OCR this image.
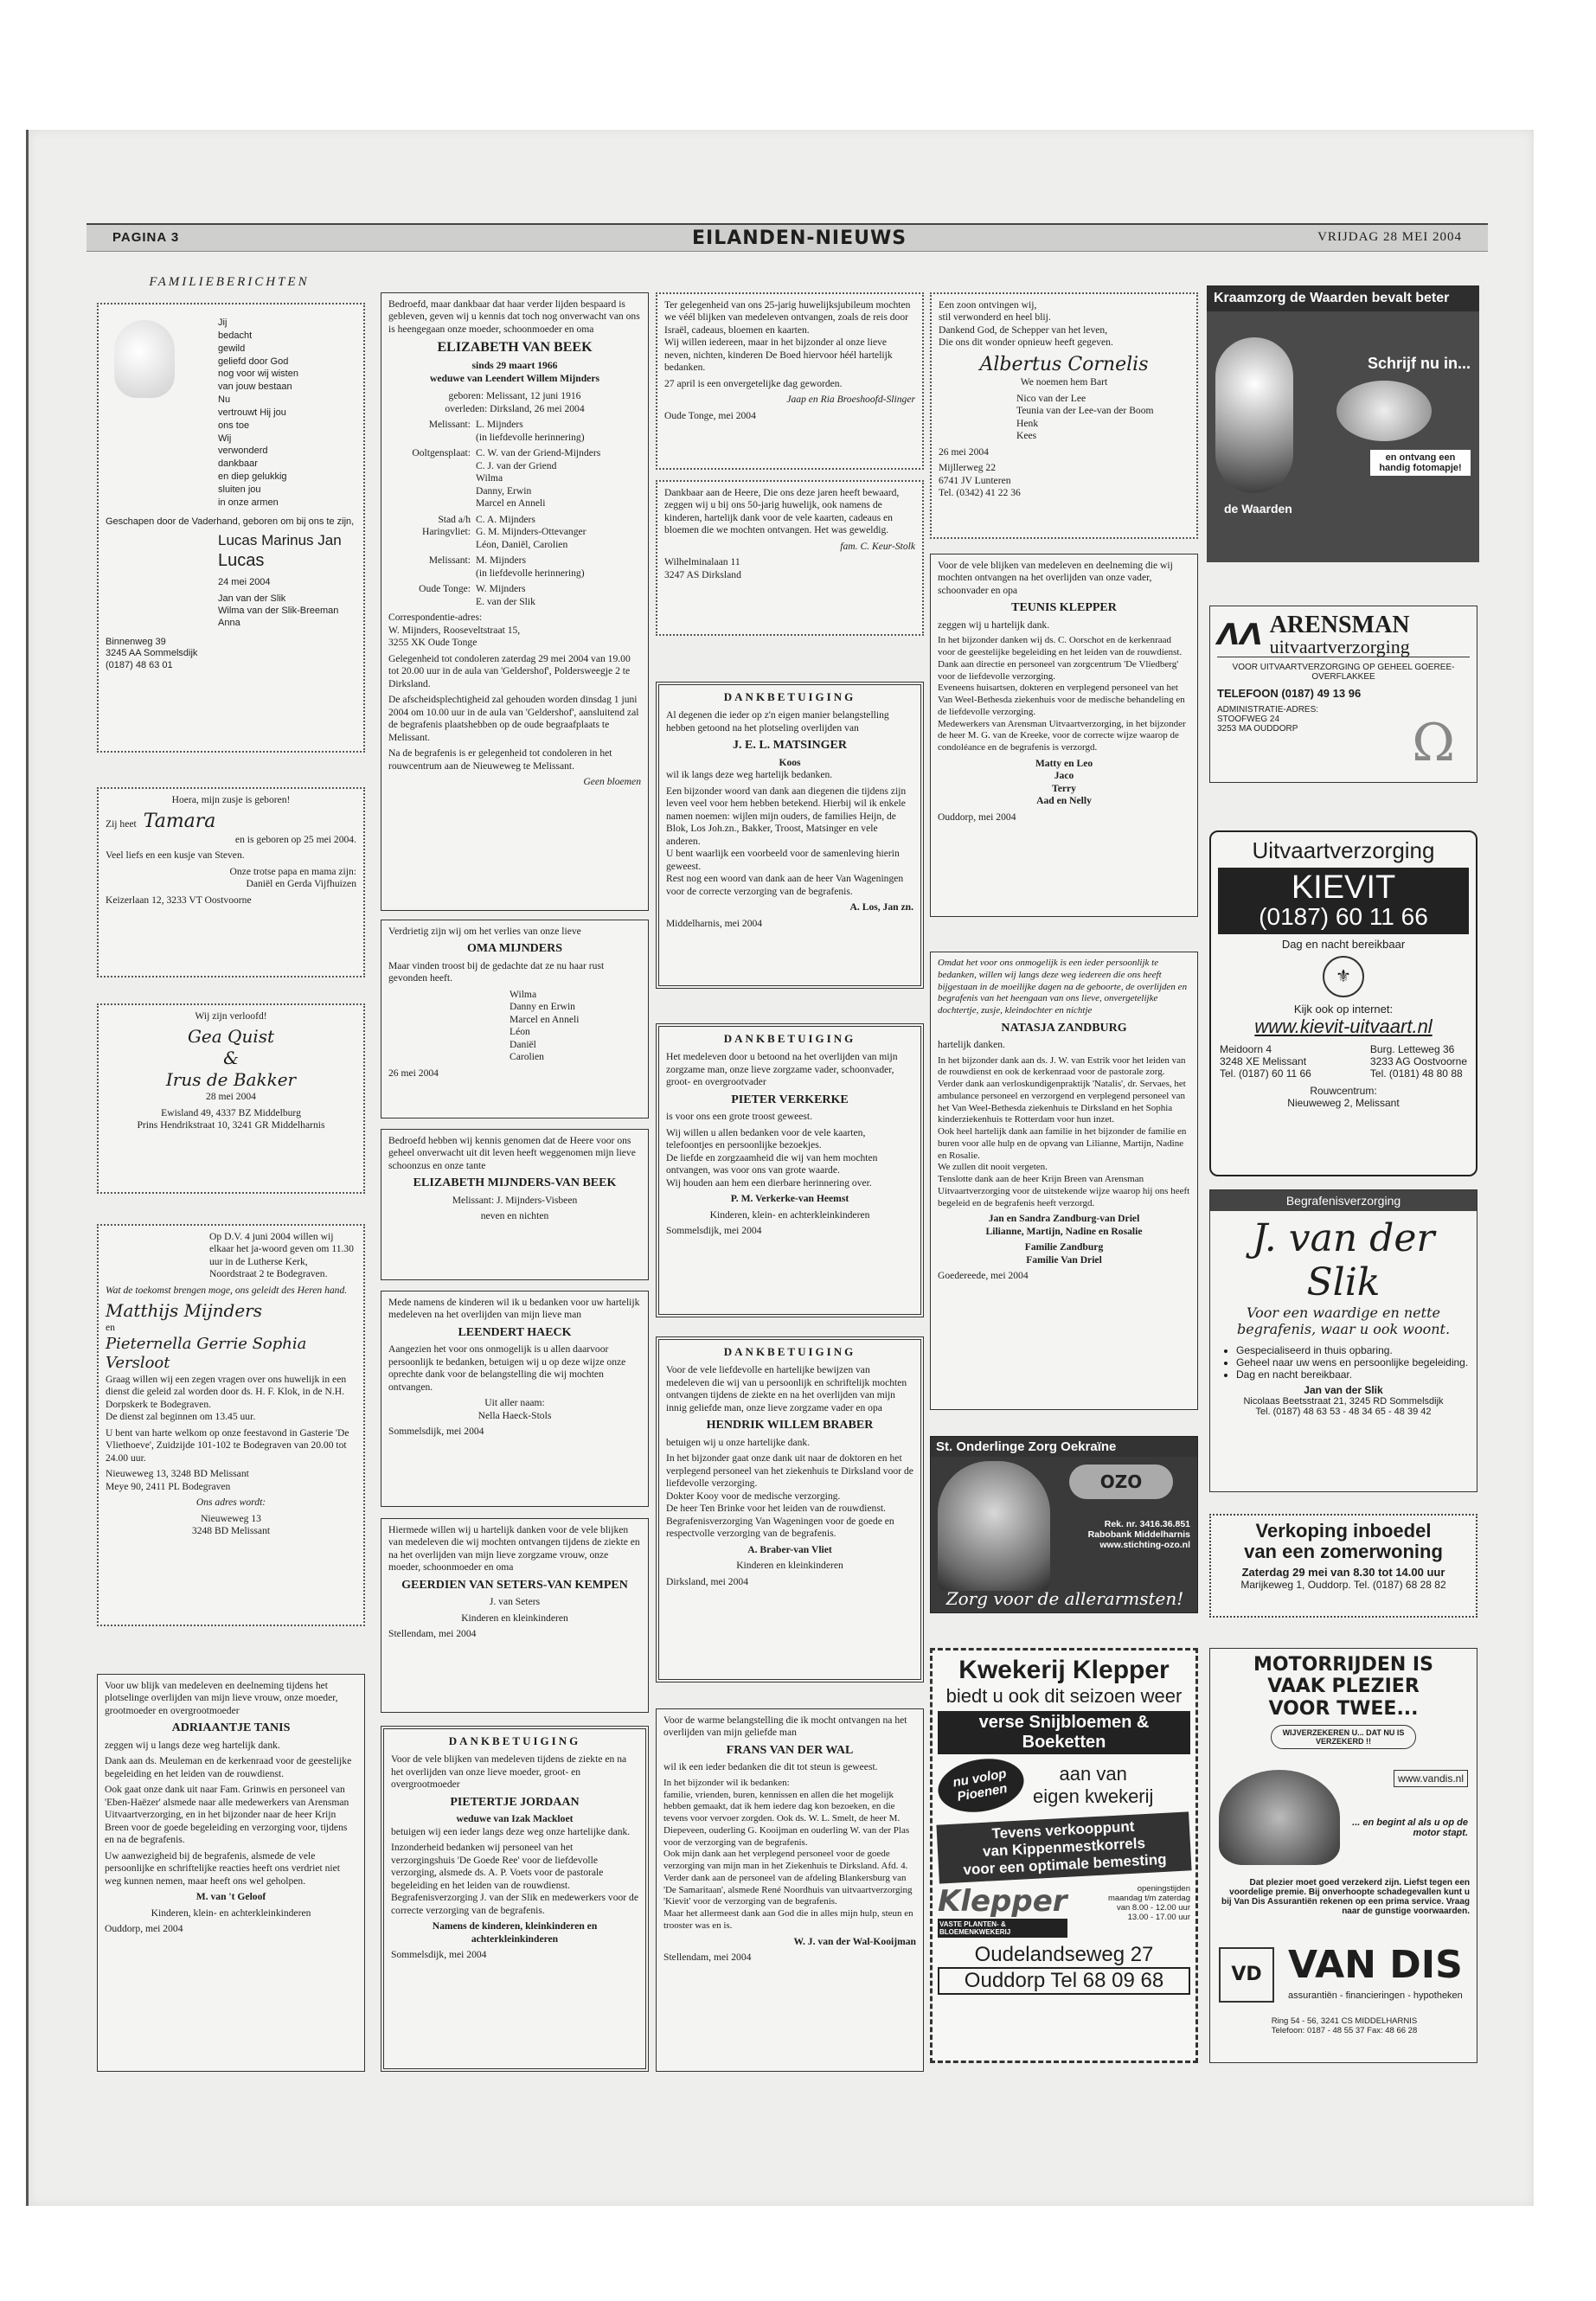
PAGINA 3	EILANDEN-NIEUWS	VRIJDAG 28 MEI 2004
FAMILIEBERICHTEN
Jij
bedacht
gewild
geliefd door God
nog voor wij wisten
van jouw bestaan
Nu
vertrouwt Hij jou
ons toe
Wij
verwonderd
dankbaar
en diep gelukkig
sluiten jou
in onze armen

Geschapen door de Vaderhand, geboren om bij ons te zijn,

Lucas Marinus Jan
Lucas
24 mei 2004
Jan van der Slik
Wilma van der Slik-Breeman
Anna
Binnenweg 39
3245 AA Sommelsdijk
(0187) 48 63 01

Hoera, mijn zusje is geboren!

Zij heet Tamara

en is geboren op 25 mei 2004.

Veel liefs en een kusje van Steven.

Onze trotse papa en mama zijn:
Daniël en Gerda Vijfhuizen

Keizerlaan 12, 3233 VT Oostvoorne

Wij zijn verloofd!

Gea Quist
&
Irus de Bakker

28 mei 2004

Ewisland 49, 4337 BZ Middelburg
Prins Hendrikstraat 10, 3241 GR Middelharnis

Op D.V. 4 juni 2004 willen wij elkaar het ja-woord geven om 11.30 uur in de Lutherse Kerk, Noordstraat 2 te Bodegraven.

Wat de toekomst brengen moge, ons geleidt des Heren hand.

Matthijs Mijnders
en
Pieternella Gerrie Sophia Versloot

Graag willen wij een zegen vragen over ons huwelijk in een dienst die geleid zal worden door ds. H. F. Klok, in de N.H. Dorpskerk te Bodegraven.
De dienst zal beginnen om 13.45 uur.

U bent van harte welkom op onze feestavond in Gasterie 'De Vliethoeve', Zuidzijde 101-102 te Bodegraven van 20.00 tot 24.00 uur.

Nieuweweg 13, 3248 BD Melissant
Meye 90, 2411 PL Bodegraven

Ons adres wordt:

Nieuweweg 13
3248 BD Melissant

Voor uw blijk van medeleven en deelneming tijdens het plotselinge overlijden van mijn lieve vrouw, onze moeder, grootmoeder en overgrootmoeder

ADRIAANTJE TANIS

zeggen wij u langs deze weg hartelijk dank.

Dank aan ds. Meuleman en de kerkenraad voor de geestelijke begeleiding en het leiden van de rouwdienst.

Ook gaat onze dank uit naar Fam. Grinwis en personeel van 'Eben-Haëzer' alsmede naar alle medewerkers van Arensman Uitvaartverzorging, en in het bijzonder naar de heer Krijn Breen voor de goede begeleiding en verzorging voor, tijdens en na de begrafenis.

Uw aanwezigheid bij de begrafenis, alsmede de vele persoonlijke en schriftelijke reacties heeft ons verdriet niet weg kunnen nemen, maar heeft ons wel geholpen.

M. van 't Geloof

Kinderen, klein- en achterkleinkinderen

Ouddorp, mei 2004

Bedroefd, maar dankbaar dat haar verder lijden bespaard is gebleven, geven wij u kennis dat toch nog onverwacht van ons is heengegaan onze moeder, schoonmoeder en oma

ELIZABETH VAN BEEK
sinds 29 maart 1966
weduwe van Leendert Willem Mijnders

geboren: Melissant, 12 juni 1916
overleden: Dirksland, 26 mei 2004

Melissant: L. Mijnders
(in liefdevolle herinnering)
Ooltgensplaat: C. W. van der Griend-Mijnders
C. J. van der Griend
Wilma
Danny, Erwin
Marcel en Anneli
Stad a/h Haringvliet:
C. A. Mijnders
G. M. Mijnders-Ottevanger
Léon, Daniël, Carolien
Melissant: M. Mijnders
(in liefdevolle herinnering)
Oude Tonge: W. Mijnders
E. van der Slik

Correspondentie-adres:
W. Mijnders, Rooseveltstraat 15,
3255 XK Oude Tonge

Gelegenheid tot condoleren zaterdag 29 mei 2004 van 19.00 tot 20.00 uur in de aula van 'Geldershof', Poldersweegje 2 te Dirksland.

De afscheidsplechtigheid zal gehouden worden dinsdag 1 juni 2004 om 10.00 uur in de aula van 'Geldershof', aansluitend zal de begrafenis plaatshebben op de oude begraafplaats te Melissant.

Na de begrafenis is er gelegenheid tot condoleren in het rouwcentrum aan de Nieuweweg te Melissant.

Geen bloemen

Verdrietig zijn wij om het verlies van onze lieve

OMA MIJNDERS

Maar vinden troost bij de gedachte dat ze nu haar rust gevonden heeft.

Wilma
Danny en Erwin
Marcel en Anneli
Léon
Daniël
Carolien

26 mei 2004

Bedroefd hebben wij kennis genomen dat de Heere voor ons geheel onverwacht uit dit leven heeft weggenomen mijn lieve schoonzus en onze tante

ELIZABETH MIJNDERS-VAN BEEK

Melissant: J. Mijnders-Visbeen

neven en nichten

Mede namens de kinderen wil ik u bedanken voor uw hartelijk medeleven na het overlijden van mijn lieve man

LEENDERT HAECK

Aangezien het voor ons onmogelijk is u allen daarvoor persoonlijk te bedanken, betuigen wij u op deze wijze onze oprechte dank voor de belangstelling die wij mochten ontvangen.

Uit aller naam:
Nella Haeck-Stols

Sommelsdijk, mei 2004

Hiermede willen wij u hartelijk danken voor de vele blijken van medeleven die wij mochten ontvangen tijdens de ziekte en na het overlijden van mijn lieve zorgzame vrouw, onze moeder, schoonmoeder en oma

GEERDIEN VAN SETERS-VAN KEMPEN

J. van Seters

Kinderen en kleinkinderen

Stellendam, mei 2004

DANKBETUIGING

Voor de vele blijken van medeleven tijdens de ziekte en na het overlijden van onze lieve moeder, groot- en overgrootmoeder

PIETERTJE JORDAAN
weduwe van Izak Mackloet

betuigen wij een ieder langs deze weg onze hartelijke dank.

Inzonderheid bedanken wij personeel van het verzorgingshuis 'De Goede Ree' voor de liefdevolle verzorging, alsmede ds. A. P. Voets voor de pastorale begeleiding en het leiden van de rouwdienst. Begrafenisverzorging J. van der Slik en medewerkers voor de correcte verzorging van de begrafenis.

Namens de kinderen, kleinkinderen en achterkleinkinderen

Sommelsdijk, mei 2004

Ter gelegenheid van ons 25-jarig huwelijksjubileum mochten we véél blijken van medeleven ontvangen, zoals de reis door Israël, cadeaus, bloemen en kaarten.
Wij willen iedereen, maar in het bijzonder al onze lieve neven, nichten, kinderen De Boed hiervoor héél hartelijk bedanken.

27 april is een onvergetelijke dag geworden.

Jaap en Ria Broeshoofd-Slinger

Oude Tonge, mei 2004

Dankbaar aan de Heere, Die ons deze jaren heeft bewaard, zeggen wij u bij ons 50-jarig huwelijk, ook namens de kinderen, hartelijk dank voor de vele kaarten, cadeaus en bloemen die we mochten ontvangen. Het was geweldig.

fam. C. Keur-Stolk

Wilhelminalaan 11
3247 AS Dirksland

DANKBETUIGING

Al degenen die ieder op z'n eigen manier belangstelling hebben getoond na het plotseling overlijden van

J. E. L. MATSINGER
Koos

wil ik langs deze weg hartelijk bedanken.

Een bijzonder woord van dank aan diegenen die tijdens zijn leven veel voor hem hebben betekend. Hierbij wil ik enkele namen noemen: wijlen mijn ouders, de families Heijn, de Blok, Los Joh.zn., Bakker, Troost, Matsinger en vele anderen.
U bent waarlijk een voorbeeld voor de samenleving hierin geweest.
Rest nog een woord van dank aan de heer Van Wageningen voor de correcte verzorging van de begrafenis.

A. Los, Jan zn.

Middelharnis, mei 2004

DANKBETUIGING

Het medeleven door u betoond na het overlijden van mijn zorgzame man, onze lieve zorgzame vader, schoonvader, groot- en overgrootvader

PIETER VERKERKE

is voor ons een grote troost geweest.

Wij willen u allen bedanken voor de vele kaarten, telefoontjes en persoonlijke bezoekjes.
De liefde en zorgzaamheid die wij van hem mochten ontvangen, was voor ons van grote waarde.
Wij houden aan hem een dierbare herinnering over.

P. M. Verkerke-van Heemst

Kinderen, klein- en achterkleinkinderen

Sommelsdijk, mei 2004

DANKBETUIGING

Voor de vele liefdevolle en hartelijke bewijzen van medeleven die wij van u persoonlijk en schriftelijk mochten ontvangen tijdens de ziekte en na het overlijden van mijn innig geliefde man, onze lieve zorgzame vader en opa

HENDRIK WILLEM BRABER

betuigen wij u onze hartelijke dank.

In het bijzonder gaat onze dank uit naar de doktoren en het verplegend personeel van het ziekenhuis te Dirksland voor de liefdevolle verzorging.
Dokter Kooy voor de medische verzorging.
De heer Ten Brinke voor het leiden van de rouwdienst.
Begrafenisverzorging Van Wageningen voor de goede en respectvolle verzorging van de begrafenis.

A. Braber-van Vliet

Kinderen en kleinkinderen

Dirksland, mei 2004

Voor de warme belangstelling die ik mocht ontvangen na het overlijden van mijn geliefde man

FRANS VAN DER WAL

wil ik een ieder bedanken die dit tot steun is geweest.

In het bijzonder wil ik bedanken:
familie, vrienden, buren, kennissen en allen die het mogelijk hebben gemaakt, dat ik hem iedere dag kon bezoeken, en die tevens voor vervoer zorgden. Ook ds. W. L. Smelt, de heer M. Diepeveen, ouderling G. Kooijman en ouderling W. van der Plas voor de verzorging van de begrafenis.
Ook mijn dank aan het verplegend personeel voor de goede verzorging van mijn man in het Ziekenhuis te Dirksland. Afd. 4.
Verder dank aan de personeel van de afdeling Blankersburg van 'De Samaritaan', alsmede René Noordhuis van uitvaartverzorging 'Kievit' voor de verzorging van de begrafenis.
Maar het allermeest dank aan God die in alles mijn hulp, steun en trooster was en is.

W. J. van der Wal-Kooijman

Stellendam, mei 2004

Een zoon ontvingen wij,
stil verwonderd en heel blij.
Dankend God, de Schepper van het leven,
Die ons dit wonder opnieuw heeft gegeven.

Albertus Cornelis

We noemen hem Bart

Nico van der Lee
Teunia van der Lee-van der Boom
Henk
Kees

26 mei 2004

Mijllerweg 22
6741 JV Lunteren
Tel. (0342) 41 22 36

Voor de vele blijken van medeleven en deelneming die wij mochten ontvangen na het overlijden van onze vader, schoonvader en opa

TEUNIS KLEPPER

zeggen wij u hartelijk dank.

In het bijzonder danken wij ds. C. Oorschot en de kerkenraad voor de geestelijke begeleiding en het leiden van de rouwdienst.
Dank aan directie en personeel van zorgcentrum 'De Vliedberg' voor de liefdevolle verzorging.
Eveneens huisartsen, dokteren en verplegend personeel van het Van Weel-Bethesda ziekenhuis voor de medische behandeling en de liefdevolle verzorging.
Medewerkers van Arensman Uitvaartverzorging, in het bijzonder de heer M. G. van de Kreeke, voor de correcte wijze waarop de condoléance en de begrafenis is verzorgd.

Matty en Leo
Jaco
Terry
Aad en Nelly

Ouddorp, mei 2004

Omdat het voor ons onmogelijk is een ieder persoonlijk te bedanken, willen wij langs deze weg iedereen die ons heeft bijgestaan in de moeilijke dagen na de geboorte, de overlijden en begrafenis van het heengaan van ons lieve, onvergetelijke dochtertje, zusje, kleindochter en nichtje

NATASJA ZANDBURG

hartelijk danken.

In het bijzonder dank aan ds. J. W. van Estrik voor het leiden van de rouwdienst en ook de kerkenraad voor de pastorale zorg.
Verder dank aan verloskundigenpraktijk 'Natalis', dr. Servaes, het ambulance personeel en verzorgend en verplegend personeel van het Van Weel-Bethesda ziekenhuis te Dirksland en het Sophia kinderziekenhuis te Rotterdam voor hun inzet.
Ook heel hartelijk dank aan familie in het bijzonder de familie en buren voor alle hulp en de opvang van Lilianne, Martijn, Nadine en Rosalie.
We zullen dit nooit vergeten.
Tenslotte dank aan de heer Krijn Breen van Arensman Uitvaartverzorging voor de uitstekende wijze waarop hij ons heeft begeleid en de begrafenis heeft verzorgd.

Jan en Sandra Zandburg-van Driel
Lilianne, Martijn, Nadine en Rosalie

Familie Zandburg
Familie Van Driel

Goedereede, mei 2004

St. Onderlinge Zorg Oekraïne
OZO
Rek. nr. 3416.36.851
Rabobank Middelharnis
www.stichting-ozo.nl
Zorg voor de allerarmsten!
Kwekerij Klepper
biedt u ook dit seizoen weer
verse Snijbloemen & Boeketten
nu volop Pioenen
aan van
eigen kwekerij
Tevens verkooppunt
van Kippenmestkorrels
voor een optimale bemesting
Klepper
VASTE PLANTEN- & BLOEMENKWEKERIJ
openingstijden
maandag t/m zaterdag
van 8.00 - 12.00 uur
13.00 - 17.00 uur
Oudelandseweg 27
Ouddorp Tel 68 09 68
Kraamzorg de Waarden bevalt beter
Schrijf nu in...
en ontvang een handig fotomapje!
de Waarden
ΛΛ ARENSMAN
uitvaartverzorging
VOOR UITVAARTVERZORGING OP GEHEEL GOEREE-OVERFLAKKEE
TELEFOON (0187) 49 13 96
ADMINISTRATIE-ADRES:
STOOFWEG 24
3253 MA OUDDORP	Ω
Uitvaartverzorging
KIEVIT
(0187) 60 11 66
Dag en nacht bereikbaar
⚜
Kijk ook op internet:
www.kievit-uitvaart.nl
Meidoorn 4
3248 XE Melissant
Tel. (0187) 60 11 66
Burg. Letteweg 36
3233 AG Oostvoorne
Tel. (0181) 48 80 88
Rouwcentrum:
Nieuweweg 2, Melissant
Begrafenisverzorging
J. van der Slik
Voor een waardige en nette begrafenis, waar u ook woont.
• Gespecialiseerd in thuis opbaring.
• Geheel naar uw wens en persoonlijke begeleiding.
• Dag en nacht bereikbaar.
Jan van der Slik
Nicolaas Beetsstraat 21, 3245 RD Sommelsdijk
Tel. (0187) 48 63 53 - 48 34 65 - 48 39 42
Verkoping inboedel
van een zomerwoning
Zaterdag 29 mei van 8.30 tot 14.00 uur
Marijkeweg 1, Ouddorp. Tel. (0187) 68 28 82
MOTORRIJDEN IS
VAAK PLEZIER
VOOR TWEE...
WIJVERZEKEREN U... DAT NU IS VERZEKERD !!
www.vandis.nl
... en begint al als u op de motor stapt.
Dat plezier moet goed verzekerd zijn. Liefst tegen een voordelige premie. Bij onverhoopte schadegevallen kunt u bij Van Dis Assurantiën rekenen op een prima service. Vraag naar de gunstige voorwaarden.
VD VAN DIS
assurantiën - financieringen - hypotheken
Ring 54 - 56, 3241 CS MIDDELHARNIS
Telefoon: 0187 - 48 55 37 Fax: 48 66 28
